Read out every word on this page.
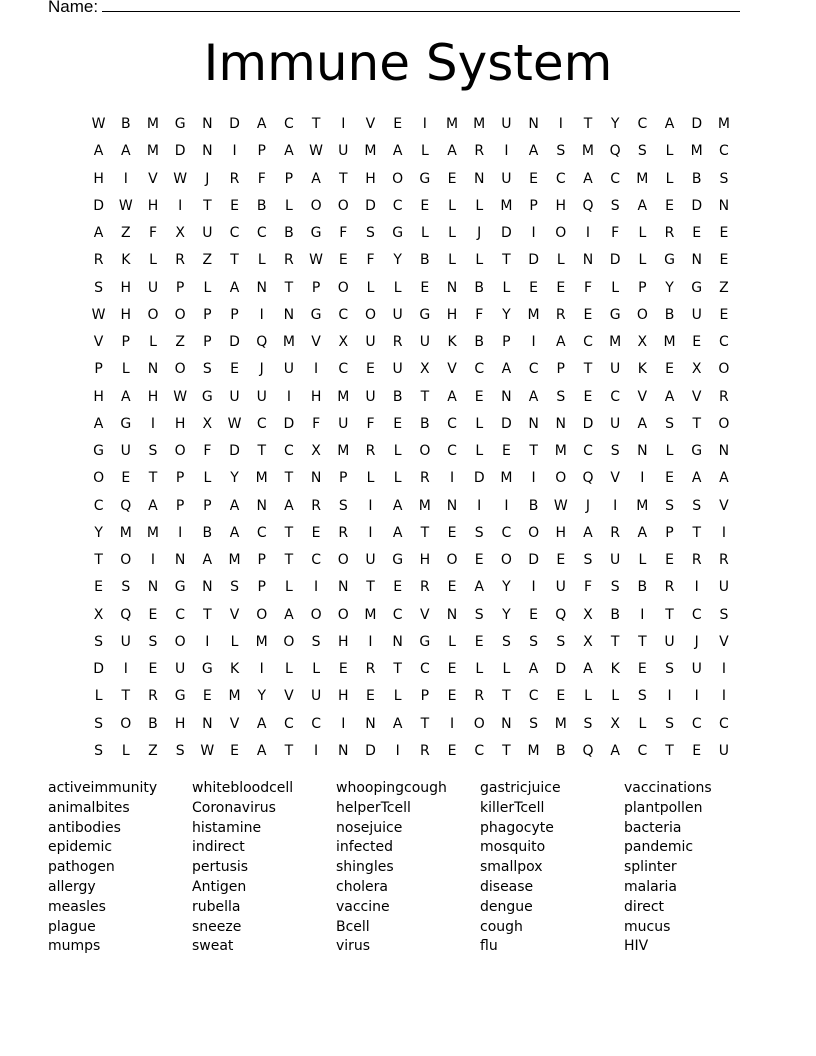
Name:
Immune System
W	B	M	G	N	D	A	C	T	I	V	E	I	M	M	U	N	I	T	Y	C	A	D	M
A	A	M	D	N	I	P	A	W	U	M	A	L	A	R	I	A	S	M	Q	S	L	M	C
H	I	V	W	J	R	F	P	A	T	H	O	G	E	N	U	E	C	A	C	M	L	B	S
D	W	H	I	T	E	B	L	O	O	D	C	E	L	L	M	P	H	Q	S	A	E	D	N
A	Z	F	X	U	C	C	B	G	F	S	G	L	L	J	D	I	O	I	F	L	R	E	E
R	K	L	R	Z	T	L	R	W	E	F	Y	B	L	L	T	D	L	N	D	L	G	N	E
S	H	U	P	L	A	N	T	P	O	L	L	E	N	B	L	E	E	F	L	P	Y	G	Z
W	H	O	O	P	P	I	N	G	C	O	U	G	H	F	Y	M	R	E	G	O	B	U	E
V	P	L	Z	P	D	Q	M	V	X	U	R	U	K	B	P	I	A	C	M	X	M	E	C
P	L	N	O	S	E	J	U	I	C	E	U	X	V	C	A	C	P	T	U	K	E	X	O
H	A	H	W	G	U	U	I	H	M	U	B	T	A	E	N	A	S	E	C	V	A	V	R
A	G	I	H	X	W	C	D	F	U	F	E	B	C	L	D	N	N	D	U	A	S	T	O
G	U	S	O	F	D	T	C	X	M	R	L	O	C	L	E	T	M	C	S	N	L	G	N
O	E	T	P	L	Y	M	T	N	P	L	L	R	I	D	M	I	O	Q	V	I	E	A	A
C	Q	A	P	P	A	N	A	R	S	I	A	M	N	I	I	B	W	J	I	M	S	S	V
Y	M	M	I	B	A	C	T	E	R	I	A	T	E	S	C	O	H	A	R	A	P	T	I
T	O	I	N	A	M	P	T	C	O	U	G	H	O	E	O	D	E	S	U	L	E	R	R
E	S	N	G	N	S	P	L	I	N	T	E	R	E	A	Y	I	U	F	S	B	R	I	U
X	Q	E	C	T	V	O	A	O	O	M	C	V	N	S	Y	E	Q	X	B	I	T	C	S
S	U	S	O	I	L	M	O	S	H	I	N	G	L	E	S	S	S	X	T	T	U	J	V
D	I	E	U	G	K	I	L	L	E	R	T	C	E	L	L	A	D	A	K	E	S	U	I
L	T	R	G	E	M	Y	V	U	H	E	L	P	E	R	T	C	E	L	L	S	I	I	I
S	O	B	H	N	V	A	C	C	I	N	A	T	I	O	N	S	M	S	X	L	S	C	C
S	L	Z	S	W	E	A	T	I	N	D	I	R	E	C	T	M	B	Q	A	C	T	E	U
activeimmunity
animalbites
antibodies
epidemic
pathogen
allergy
measles
plague
mumps
whitebloodcell
Coronavirus
histamine
indirect
pertusis
Antigen
rubella
sneeze
sweat
whoopingcough
helperTcell
nosejuice
infected
shingles
cholera
vaccine
Bcell
virus
gastricjuice
killerTcell
phagocyte
mosquito
smallpox
disease
dengue
cough
flu
vaccinations
plantpollen
bacteria
pandemic
splinter
malaria
direct
mucus
HIV
